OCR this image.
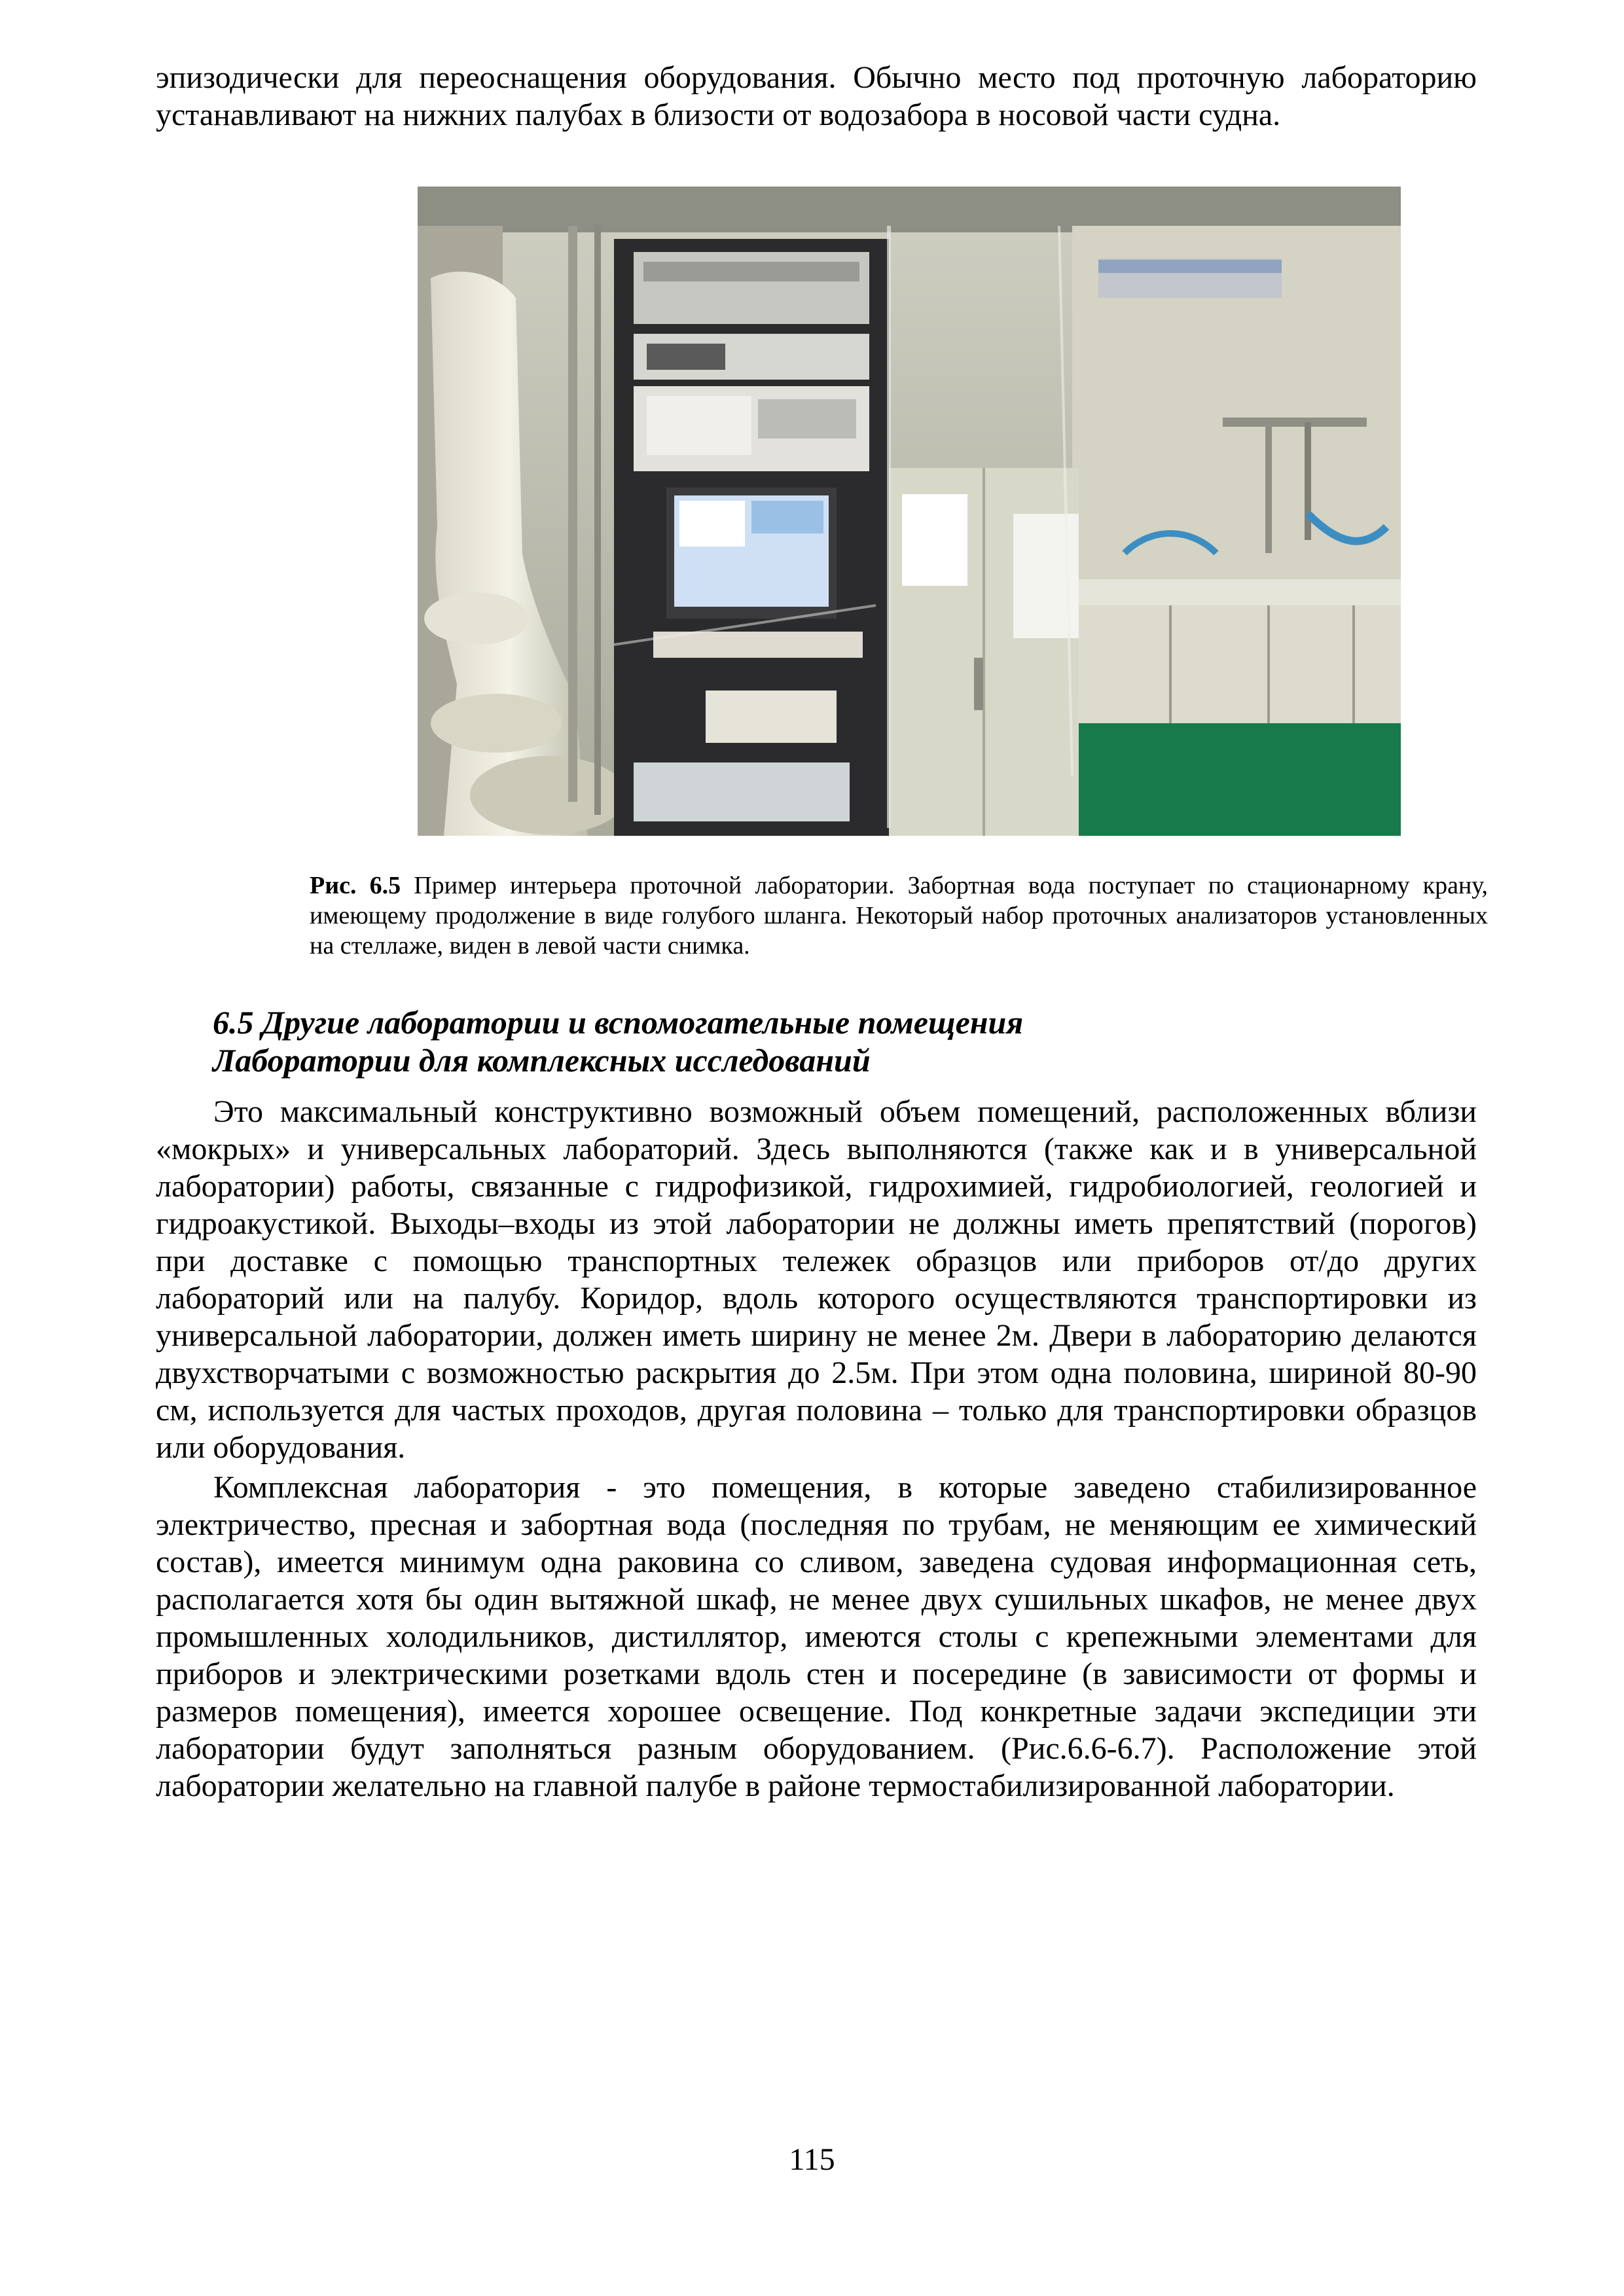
эпизодически для переоснащения оборудования. Обычно место под проточную лабораторию устанавливают на нижних палубах в близости от водозабора в носовой части судна.

Рис. 6.5 Пример интерьера проточной лаборатории. Забортная вода поступает по стационарному крану, имеющему продолжение в виде голубого шланга. Некоторый набор проточных анализаторов установленных на стеллаже, виден в левой части снимка.

6.5 Другие лаборатории и вспомогательные помещения

Лаборатории для комплексных исследований

Это максимальный конструктивно возможный объем помещений, расположенных вблизи «мокрых» и универсальных лабораторий. Здесь выполняются (также как и в универсальной лаборатории) работы, связанные с гидрофизикой, гидрохимией, гидробиологией, геологией и гидроакустикой. Выходы–входы из этой лаборатории не должны иметь препятствий (порогов) при доставке с помощью транспортных тележек образцов или приборов от/до других лабораторий или на палубу. Коридор, вдоль которого осуществляются транспортировки из универсальной лаборатории, должен иметь ширину не менее 2м. Двери в лабораторию делаются двухстворчатыми с возможностью раскрытия до 2.5м. При этом одна половина, шириной 80-90 см, используется для частых проходов, другая половина – только для транспортировки образцов или оборудования.

Комплексная лаборатория - это помещения, в которые заведено стабилизированное электричество, пресная и забортная вода (последняя по трубам, не меняющим ее химический состав), имеется минимум одна раковина со сливом, заведена судовая информационная сеть, располагается хотя бы один вытяжной шкаф, не менее двух сушильных шкафов, не менее двух промышленных холодильников, дистиллятор, имеются столы с крепежными элементами для приборов и электрическими розетками вдоль стен и посередине (в зависимости от формы и размеров помещения), имеется хорошее освещение. Под конкретные задачи экспедиции эти лаборатории будут заполняться разным оборудованием. (Рис.6.6-6.7). Расположение этой лаборатории желательно на главной палубе в районе термостабилизированной лаборатории.

115
